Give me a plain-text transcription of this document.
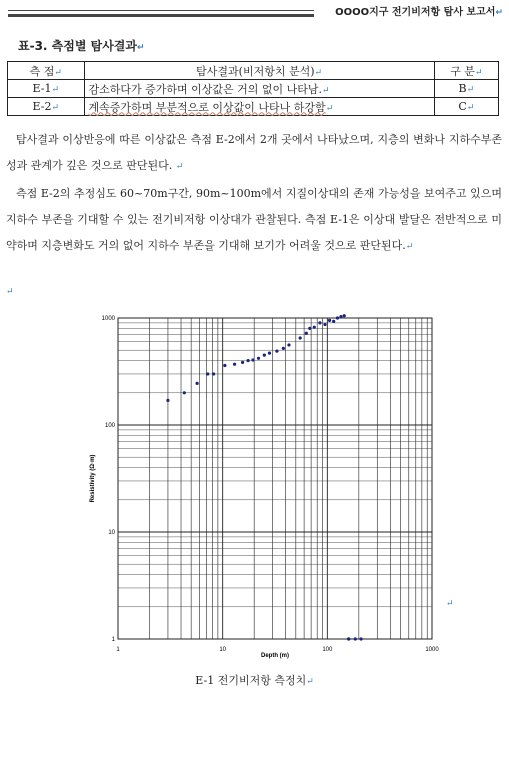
OOOO지구 전기비저항 탐사 보고서↵
표-3. 측점별 탐사결과↵
측 점↵	탐사결과(비저항치 분석)↵	구 분↵
E-1↵	감소하다가 증가하며 이상값은 거의 없이 나타남.↵	B↵
E-2↵	계속증가하며 부분적으로 이상값이 나타나 하강함↵	C↵
탐사결과 이상반응에 따른 이상값은 측점 E-2에서 2개 곳에서 나타났으며, 지층의 변화나 지하수부존성과 관계가 깊은 것으로 판단된다. ↵
측점 E-2의 추정심도 60~70m구간, 90m~100m에서 지질이상대의 존재 가능성을 보여주고 있으며 지하수 부존을 기대할 수 있는 전기비저항 이상대가 관찰된다. 측점 E-1은 이상대 발달은 전반적으로 미약하며 지층변화도 거의 없어 지하수 부존을 기대해 보기가 어려울 것으로 판단된다.↵
↵
1	10	100	1000
1
10
100
1000
Depth (m)
Resistivity (Ω·m)
↵
E-1 전기비저항 측정치↵
